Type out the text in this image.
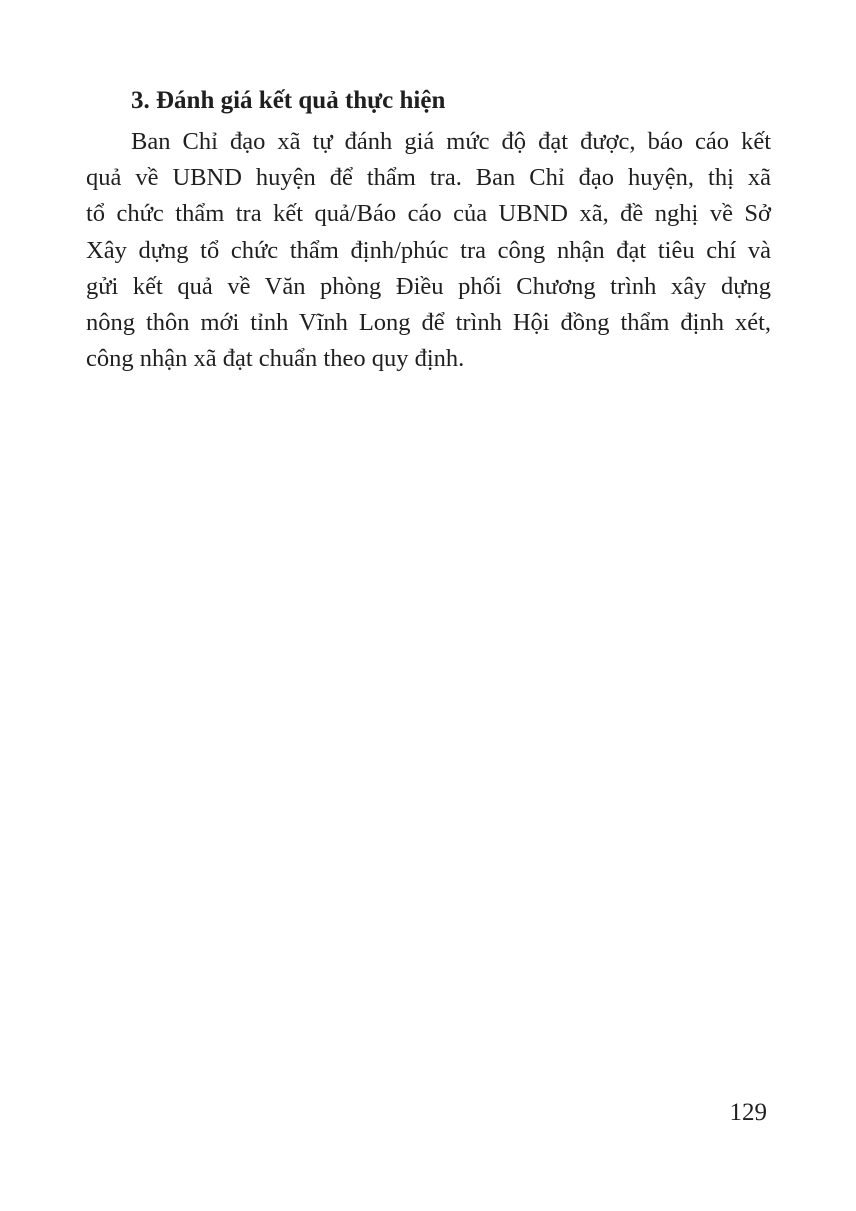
3. Đánh giá kết quả thực hiện

Ban Chỉ đạo xã tự đánh giá mức độ đạt được, báo cáo kết
quả về UBND huyện để thẩm tra. Ban Chỉ đạo huyện, thị xã
tổ chức thẩm tra kết quả/Báo cáo của UBND xã, đề nghị về Sở
Xây dựng tổ chức thẩm định/phúc tra công nhận đạt tiêu chí và
gửi kết quả về Văn phòng Điều phối Chương trình xây dựng
nông thôn mới tỉnh Vĩnh Long để trình Hội đồng thẩm định xét,
công nhận xã đạt chuẩn theo quy định.

129
